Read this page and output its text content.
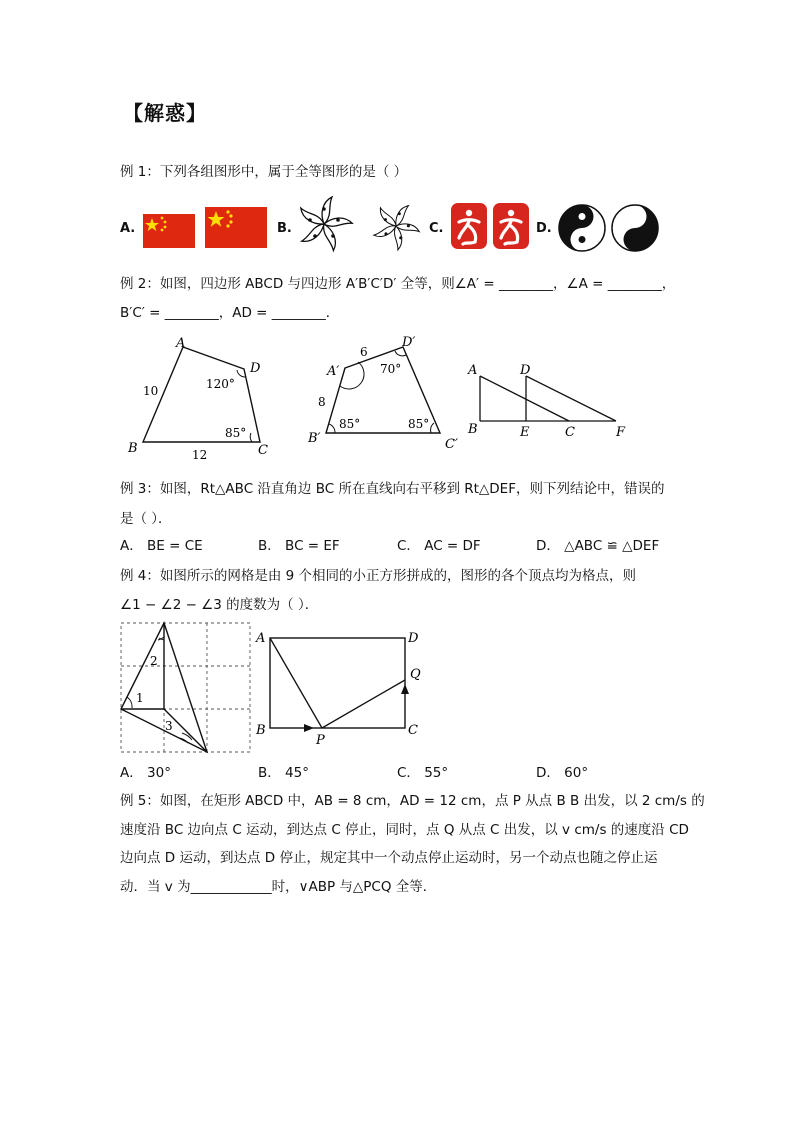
【解惑】
例 1：下列各组图形中，属于全等图形的是（ ）
A.	B.	C.	D.
例 2：如图，四边形 ABCD 与四边形 A′B′C′D′ 全等，则∠A′ = ________，∠A = ________，
B′C′ = ________，AD = ________．
A
D
B	C
10
12
120°
85°
A′
D′
B′	C′
6
8
70°
85°	85°
A	D
B	E	C	F
例 3：如图，Rt△ABC 沿直角边 BC 所在直线向右平移到 Rt△DEF，则下列结论中，错误的
是（ ）．
A． BE = CE	B． BC = EF	C． AC = DF	D． △ABC ≌ △DEF
例 4：如图所示的网格是由 9 个相同的小正方形拼成的，图形的各个顶点均为格点，则
∠1 − ∠2 − ∠3 的度数为（ ）．
2
1
3
A
B	C
D
P
Q
A． 30°	B． 45°	C． 55°	D． 60°
例 5：如图，在矩形 ABCD 中，AB = 8 cm，AD = 12 cm，点 P 从点 B B 出发，以 2 cm/s 的
速度沿 BC 边向点 C 运动，到达点 C 停止，同时，点 Q 从点 C 出发，以 v cm/s 的速度沿 CD
边向点 D 运动，到达点 D 停止，规定其中一个动点停止运动时，另一个动点也随之停止运
动．当 v 为____________时，∨ABP 与△PCQ 全等．
